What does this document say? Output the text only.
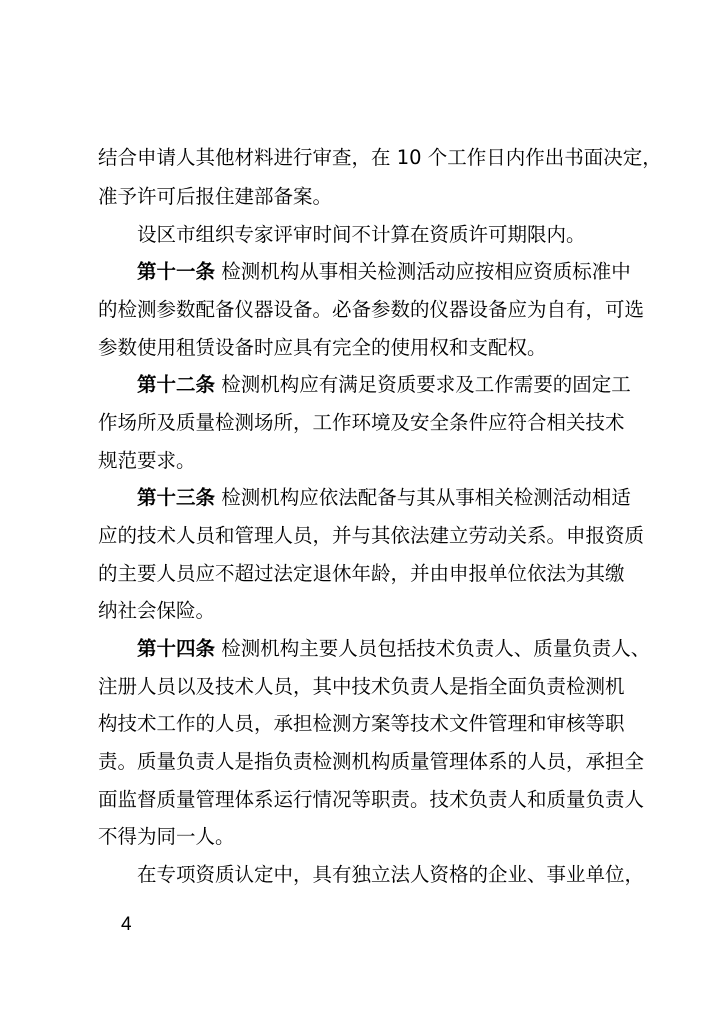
结合申请人其他材料进行审查，在 10 个工作日内作出书面决定，
准予许可后报住建部备案。
设区市组织专家评审时间不计算在资质许可期限内。
第十一条 检测机构从事相关检测活动应按相应资质标准中
的检测参数配备仪器设备。必备参数的仪器设备应为自有，可选
参数使用租赁设备时应具有完全的使用权和支配权。
第十二条 检测机构应有满足资质要求及工作需要的固定工
作场所及质量检测场所，工作环境及安全条件应符合相关技术
规范要求。
第十三条 检测机构应依法配备与其从事相关检测活动相适
应的技术人员和管理人员，并与其依法建立劳动关系。申报资质
的主要人员应不超过法定退休年龄，并由申报单位依法为其缴
纳社会保险。
第十四条 检测机构主要人员包括技术负责人、质量负责人、
注册人员以及技术人员，其中技术负责人是指全面负责检测机
构技术工作的人员，承担检测方案等技术文件管理和审核等职
责。质量负责人是指负责检测机构质量管理体系的人员，承担全
面监督质量管理体系运行情况等职责。技术负责人和质量负责人
不得为同一人。
在专项资质认定中，具有独立法人资格的企业、事业单位，
4
